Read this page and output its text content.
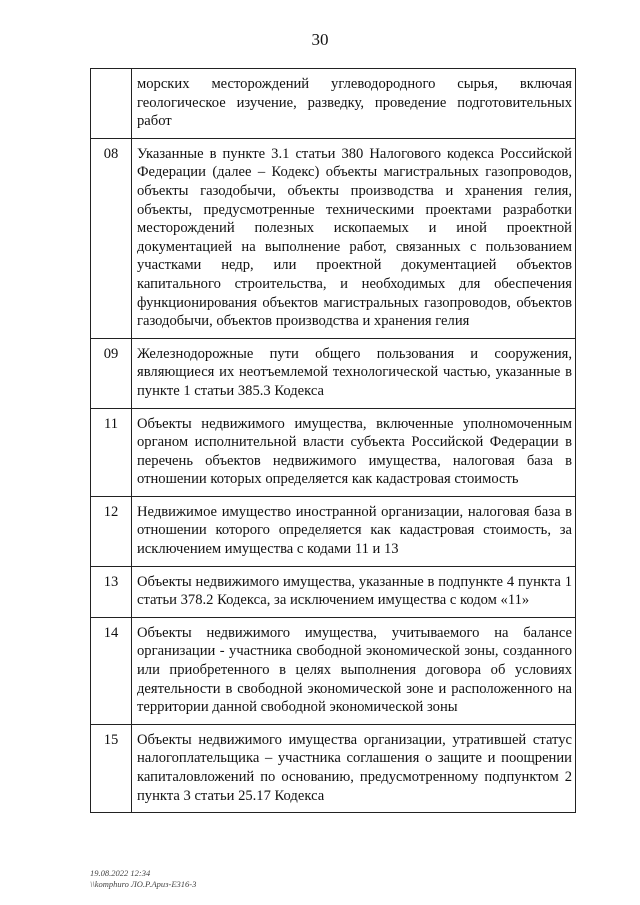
30
	морских месторождений углеводородного сырья, включая геологическое изучение, разведку, проведение подготовительных работ
08	Указанные в пункте 3.1 статьи 380 Налогового кодекса Российской Федерации (далее – Кодекс) объекты магистральных газопроводов, объекты газодобычи, объекты производства и хранения гелия, объекты, предусмотренные техническими проектами разработки месторождений полезных ископаемых и иной проектной документацией на выполнение работ, связанных с пользованием участками недр, или проектной документацией объектов капитального строительства, и необходимых для обеспечения функционирования объектов магистральных газопроводов, объектов газодобычи, объектов производства и хранения гелия
09	Железнодорожные пути общего пользования и сооружения, являющиеся их неотъемлемой технологической частью, указанные в пункте 1 статьи 385.3 Кодекса
11	Объекты недвижимого имущества, включенные уполномоченным органом исполнительной власти субъекта Российской Федерации в перечень объектов недвижимого имущества, налоговая база в отношении которых определяется как кадастровая стоимость
12	Недвижимое имущество иностранной организации, налоговая база в отношении которого определяется как кадастровая стоимость, за исключением имущества с кодами 11 и 13
13	Объекты недвижимого имущества, указанные в подпункте 4 пункта 1 статьи 378.2 Кодекса, за исключением имущества с кодом «11»
14	Объекты недвижимого имущества, учитываемого на балансе организации - участника свободной экономической зоны, созданного или приобретенного в целях выполнения договора об условиях деятельности в свободной экономической зоне и расположенного на территории данной свободной экономической зоны
15	Объекты недвижимого имущества организации, утратившей статус налогоплательщика – участника соглашения о защите и поощрении капиталовложений по основанию, предусмотренному подпунктом 2 пункта 3 статьи 25.17 Кодекса
19.08.2022 12:34
\\komphuro ЛО.Р.Ариз-Е316-3
